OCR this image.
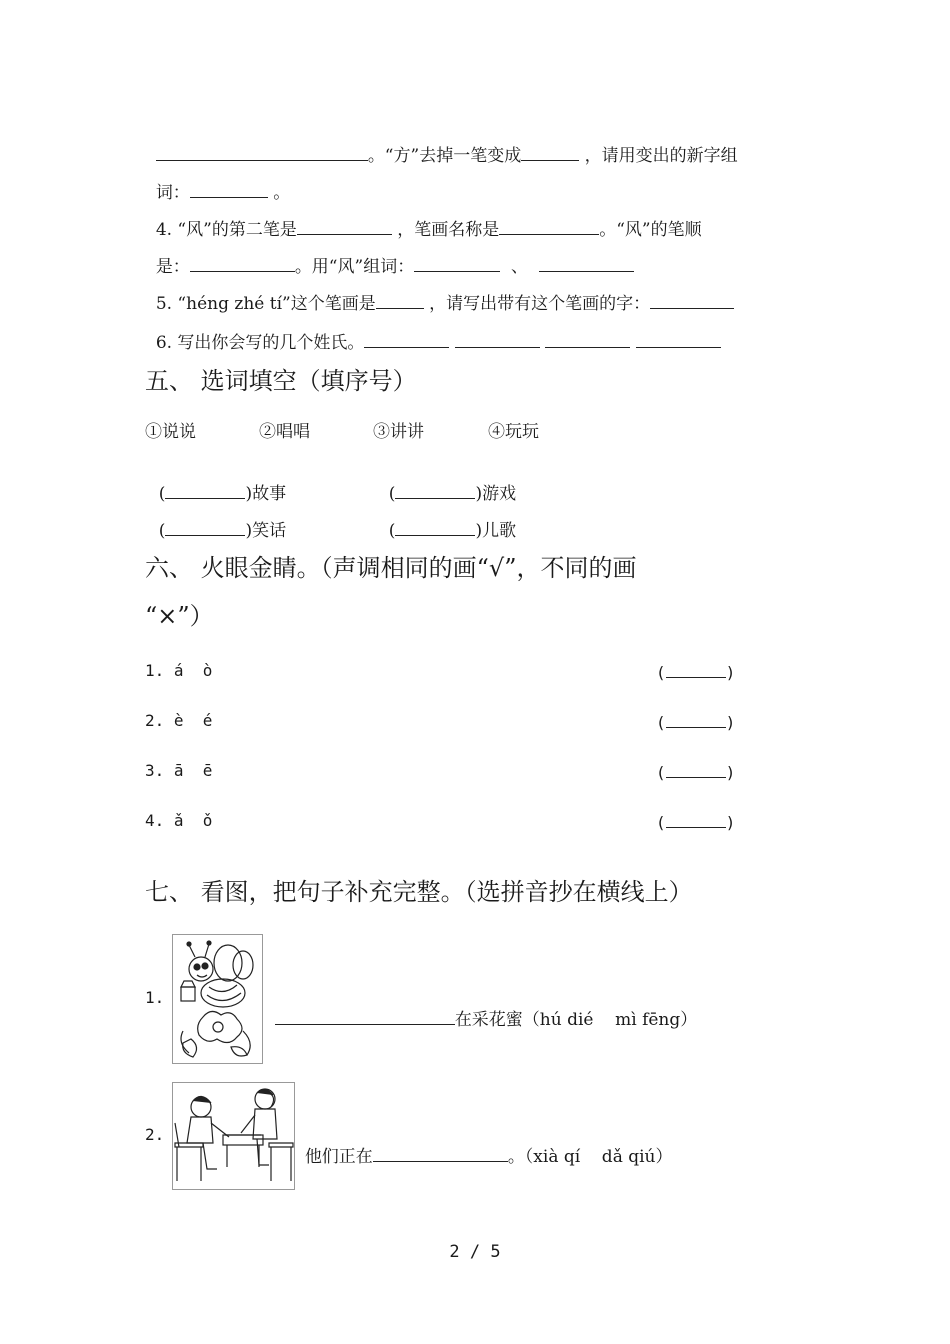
。“方”去掉一笔变成	，请用变出的新字组

词：	。

4. “风”的第二笔是	，笔画名称是	。“风”的笔顺

是：	。用“风”组词：	、

5. “héng zhé tí”这个笔画是	，请写出带有这个笔画的字：

6. 写出你会写的几个姓氏。

五、 选词填空（填序号）
①说说	②唱唱	③讲讲	④玩玩

(	)故事	
(	)游戏

(	)笑话	
(	)儿歌

六、 火眼金睛。（声调相同的画“√”，不同的画
“×”）
1. á  ò	(	)
2. è  é	(	)
3. ā  ē	(	)
4. ǎ  ǒ	(	)
七、 看图，把句子补充完整。（选拼音抄在横线上）
1.

在采花蜜（hú dié    mì fēng）

2.

他们正在	。（xià qí    dǎ qiú）

2 / 5
